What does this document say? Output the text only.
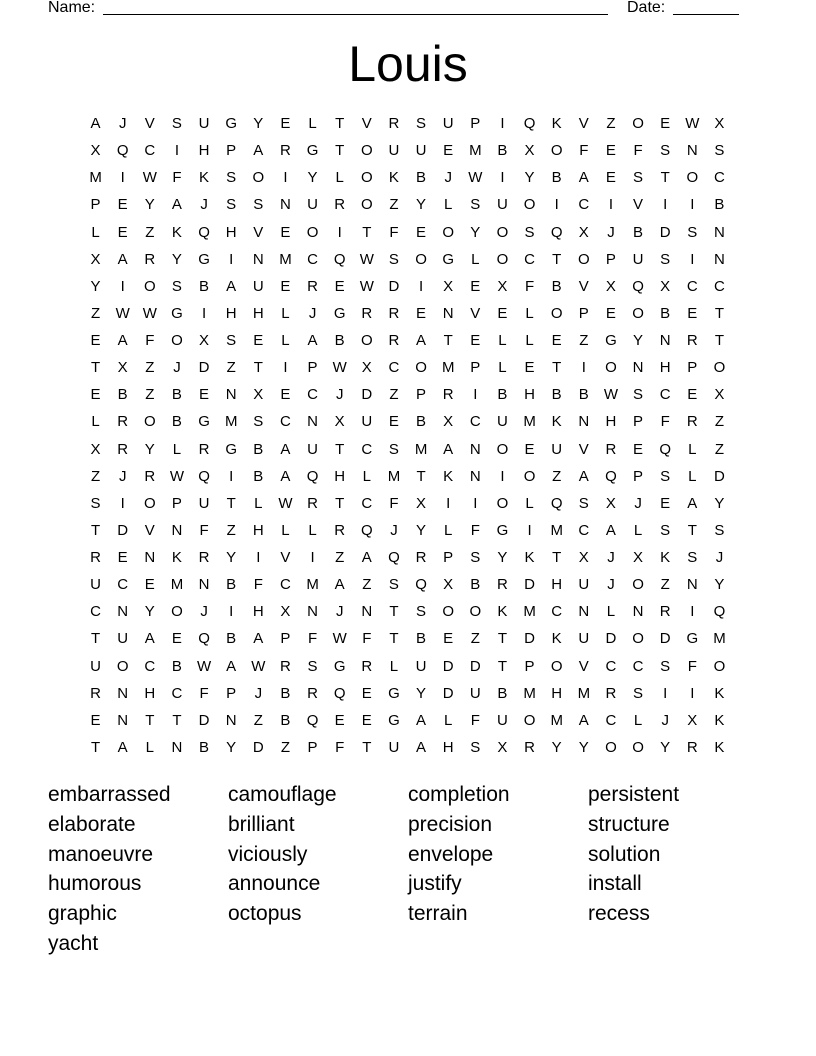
Name:	Date:
Louis
A	J	V	S	U	G	Y	E	L	T	V	R	S	U	P	I	Q	K	V	Z	O	E	W	X
X	Q	C	I	H	P	A	R	G	T	O	U	U	E	M	B	X	O	F	E	F	S	N	S
M	I	W	F	K	S	O	I	Y	L	O	K	B	J	W	I	Y	B	A	E	S	T	O	C
P	E	Y	A	J	S	S	N	U	R	O	Z	Y	L	S	U	O	I	C	I	V	I	I	B
L	E	Z	K	Q	H	V	E	O	I	T	F	E	O	Y	O	S	Q	X	J	B	D	S	N
X	A	R	Y	G	I	N	M	C	Q W	S	O	G	L	O	C	T	O	P	U	S	I	N
Y	I	O	S	B	A	U	E	R	E	W D	I	X	E	X	F	B	V	X	Q	X	C	C
Z	W W G	I	H	H	L	J	G	R	R	E	N	V	E	L	O	P	E	O	B	E	T
E	A	F	O	X	S	E	L	A	B	O	R	A	T	E	L	L	E	Z	G	Y	N	R	T
T	X	Z	J	D	Z	T	I	P	W	X	C	O	M	P	L	E	T	I	O	N	H	P	O
E	B	Z	B	E	N	X	E	C	J	D	Z	P	R	I	B	H	B	B	W	S	C	E	X
L	R	O	B	G	M	S	C	N	X	U	E	B	X	C	U	M	K	N	H	P	F	R	Z
X	R	Y	L	R	G	B	A	U	T	C	S	M	A	N	O	E	U	V	R	E	Q	L	Z
Z	J	R W Q	I	B	A	Q	H	L	M	T	K	N	I	O	Z	A	Q	P	S	L	D
S	I	O	P	U	T	L	W R	T	C	F	X	I	I	O	L	Q	S	X	J	E	A	Y
T	D	V	N	F	Z	H	L	L	R	Q	J	Y	L	F	G	I	M	C	A	L	S	T	S
R	E	N	K	R	Y	I	V	I	Z	A	Q	R	P	S	Y	K	T	X	J	X	K	S	J
U	C	E	M	N	B	F	C	M	A	Z	S	Q	X	B	R	D	H	U	J	O	Z	N	Y
C	N	Y	O	J	I	H	X	N	J	N	T	S	O	O	K	M	C	N	L	N	R	I	Q
T	U	A	E	Q	B	A	P	F	W	F	T	B	E	Z	T	D	K	U	D	O	D	G	M
U	O	C	B	W	A	W R	S	G	R	L	U	D	D	T	P	O	V	C	C	S	F	O
R	N	H	C	F	P	J	B	R	Q	E	G	Y	D	U	B	M	H	M	R	S	I	I	K
E	N	T	T	D	N	Z	B	Q	E	E	G	A	L	F	U	O	M	A	C	L	J	X	K
T	A	L	N	B	Y	D	Z	P	F	T	U	A	H	S	X	R	Y	Y	O	O	Y	R	K
embarrassed	camouflage	completion	persistent
elaborate	brilliant	precision	structure
manoeuvre	viciously	envelope	solution
humorous	announce	justify	install
graphic	octopus	terrain	recess
yacht
